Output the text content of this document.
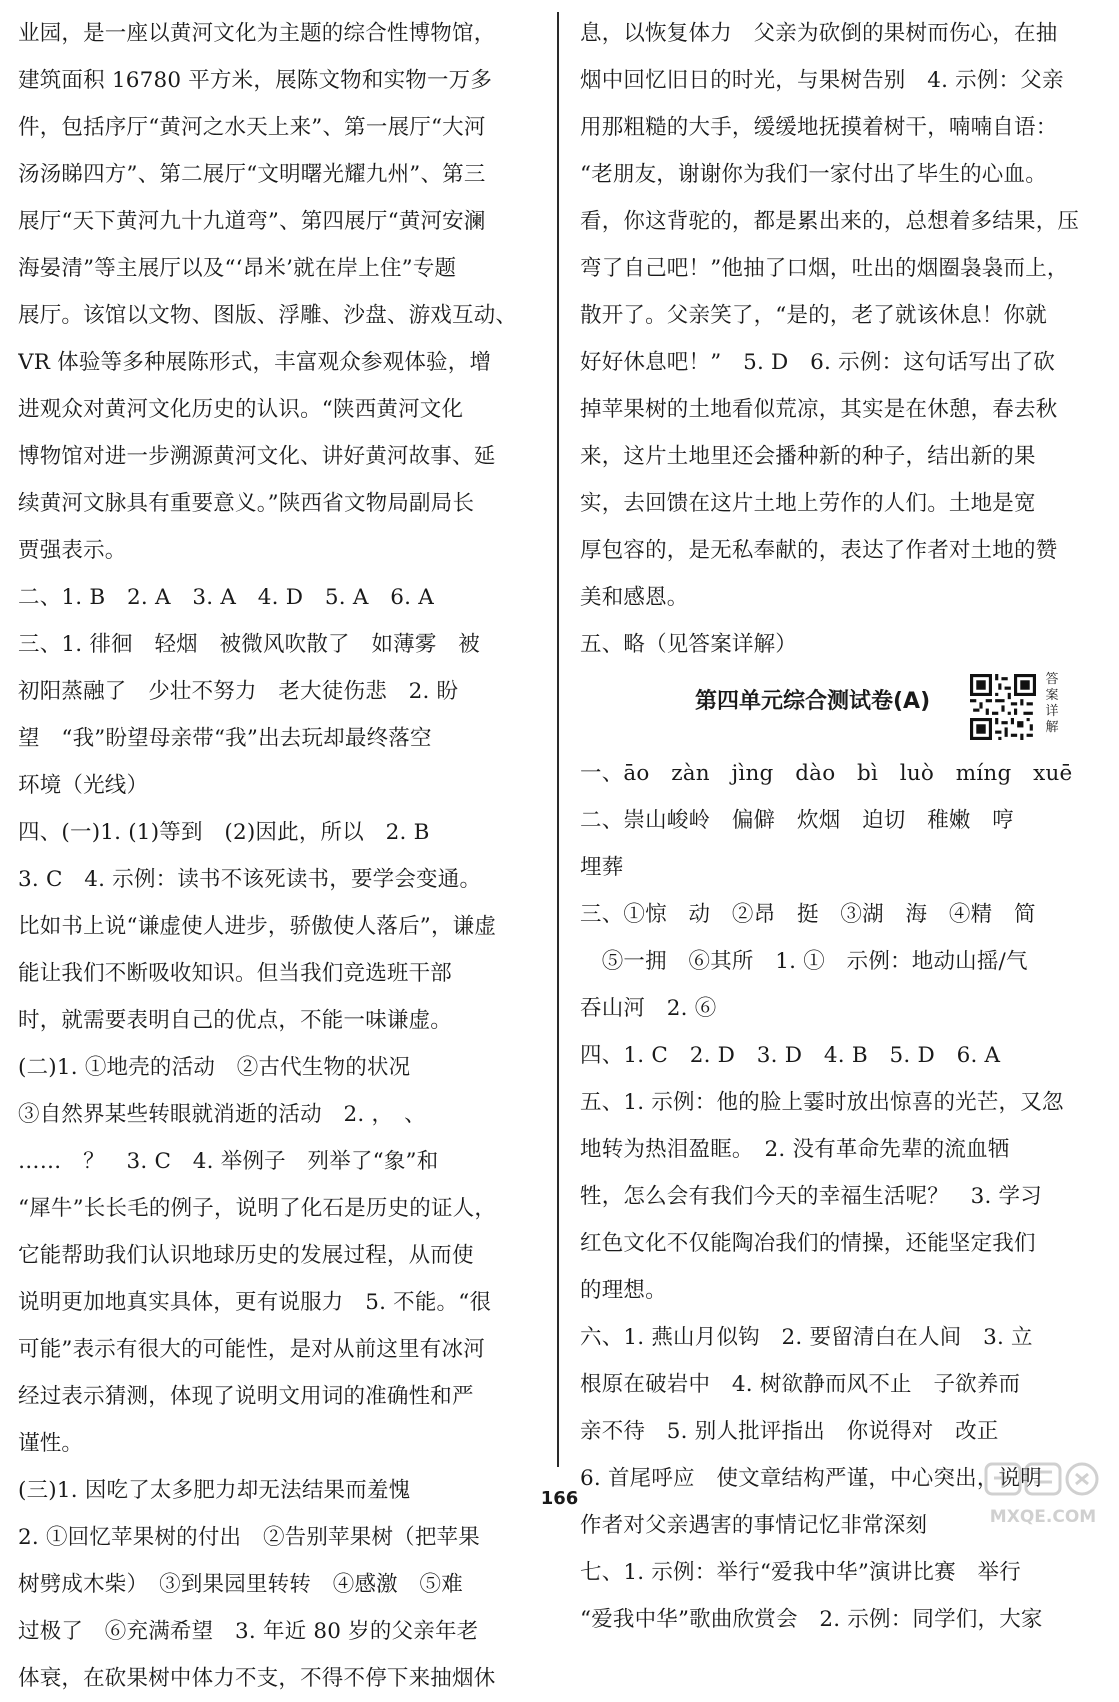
业园，是一座以黄河文化为主题的综合性博物馆，
建筑面积 16780 平方米，展陈文物和实物一万多
件，包括序厅“黄河之水天上来”、第一展厅“大河
汤汤睇四方”、第二展厅“文明曙光耀九州”、第三
展厅“天下黄河九十九道弯”、第四展厅“黄河安澜
海晏清”等主展厅以及“‘昂米’就在岸上住”专题
展厅。该馆以文物、图版、浮雕、沙盘、游戏互动、
VR 体验等多种展陈形式，丰富观众参观体验，增
进观众对黄河文化历史的认识。“陕西黄河文化
博物馆对进一步溯源黄河文化、讲好黄河故事、延
续黄河文脉具有重要意义。”陕西省文物局副局长
贾强表示。
二、1. B　2. A　3. A　4. D　5. A　6. A
三、1. 徘徊　轻烟　被微风吹散了　如薄雾　被
初阳蒸融了　少壮不努力　老大徒伤悲　2. 盼
望　“我”盼望母亲带“我”出去玩却最终落空
环境（光线）
四、(一)1. (1)等到　(2)因此，所以　2. B
3. C　4. 示例：读书不该死读书，要学会变通。
比如书上说“谦虚使人进步，骄傲使人落后”，谦虚
能让我们不断吸收知识。但当我们竞选班干部
时，就需要表明自己的优点，不能一味谦虚。
(二)1. ①地壳的活动　②古代生物的状况
③自然界某些转眼就消逝的活动　2. ，　、
……　？　3. C　4. 举例子　列举了“象”和
“犀牛”长长毛的例子，说明了化石是历史的证人，
它能帮助我们认识地球历史的发展过程，从而使
说明更加地真实具体，更有说服力　5. 不能。“很
可能”表示有很大的可能性，是对从前这里有冰河
经过表示猜测，体现了说明文用词的准确性和严
谨性。
(三)1. 因吃了太多肥力却无法结果而羞愧
2. ①回忆苹果树的付出　②告别苹果树（把苹果
树劈成木柴）　③到果园里转转　④感激　⑤难
过极了　⑥充满希望　3. 年近 80 岁的父亲年老
体衰，在砍果树中体力不支，不得不停下来抽烟休
息，以恢复体力　父亲为砍倒的果树而伤心，在抽
烟中回忆旧日的时光，与果树告别　4. 示例：父亲
用那粗糙的大手，缓缓地抚摸着树干，喃喃自语：
“老朋友，谢谢你为我们一家付出了毕生的心血。
看，你这背驼的，都是累出来的，总想着多结果，压
弯了自己吧！”他抽了口烟，吐出的烟圈袅袅而上，
散开了。父亲笑了，“是的，老了就该休息！你就
好好休息吧！”　5. D　6. 示例：这句话写出了砍
掉苹果树的土地看似荒凉，其实是在休憩，春去秋
来，这片土地里还会播种新的种子，结出新的果
实，去回馈在这片土地上劳作的人们。土地是宽
厚包容的，是无私奉献的，表达了作者对土地的赞
美和感恩。
五、略（见答案详解）
第四单元综合测试卷(A)
答案详解
一、āo　zàn　jìng　dào　bì　luò　míng　xuē
二、崇山峻岭　偏僻　炊烟　迫切　稚嫩　哼
埋葬
三、①惊　动　②昂　挺　③湖　海　④精　简
　⑤一拥　⑥其所　1. ①　示例：地动山摇/气
吞山河　2. ⑥
四、1. C　2. D　3. D　4. B　5. D　6. A
五、1. 示例：他的脸上霎时放出惊喜的光芒，又忽
地转为热泪盈眶。　2. 没有革命先辈的流血牺
牲，怎么会有我们今天的幸福生活呢？　3. 学习
红色文化不仅能陶冶我们的情操，还能坚定我们
的理想。
六、1. 燕山月似钩　2. 要留清白在人间　3. 立
根原在破岩中　4. 树欲静而风不止　子欲养而
亲不待　5. 别人批评指出　你说得对　改正
6. 首尾呼应　使文章结构严谨，中心突出，说明
作者对父亲遇害的事情记忆非常深刻
七、1. 示例：举行“爱我中华”演讲比赛　举行
“爱我中华”歌曲欣赏会　2. 示例：同学们，大家
166
MXQE.COM
